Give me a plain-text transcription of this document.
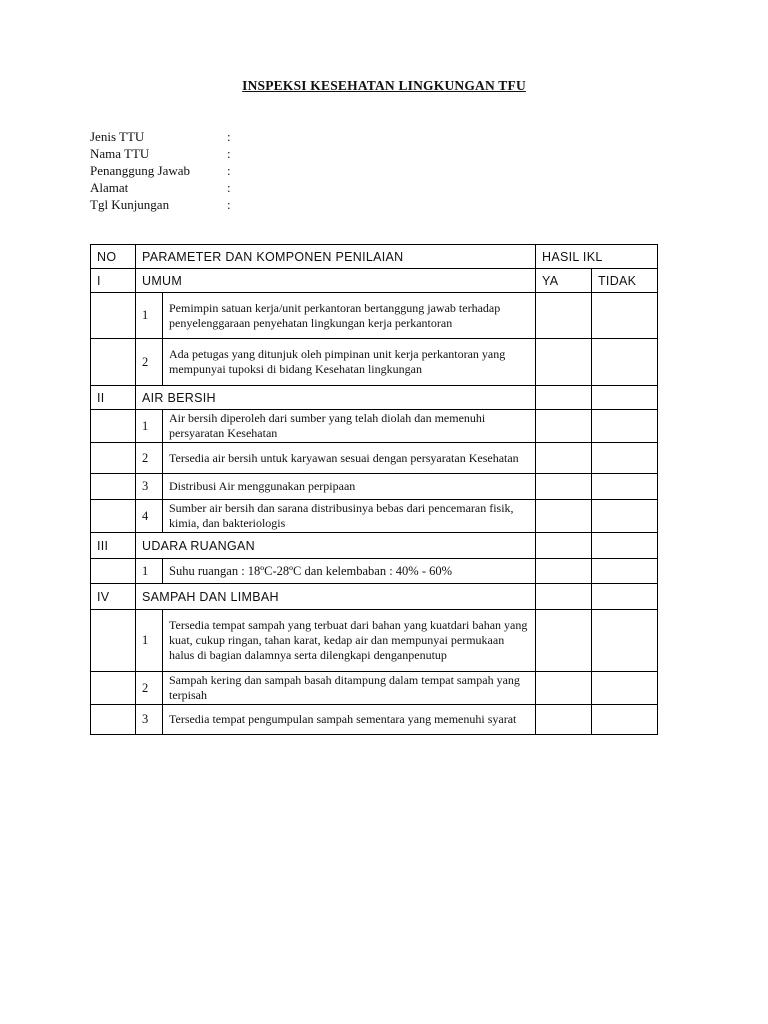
INSPEKSI KESEHATAN LINGKUNGAN TFU
Jenis TTU	:
Nama TTU	:
Penanggung Jawab	:
Alamat	:
Tgl Kunjungan	:
NO	PARAMETER DAN KOMPONEN PENILAIAN		HASIL IKL	
I	UMUM		YA	TIDAK
	1	Pemimpin satuan kerja/unit perkantoran bertanggung jawab terhadap penyelenggaraan penyehatan lingkungan kerja perkantoran		
	2	Ada petugas yang ditunjuk oleh pimpinan unit kerja perkantoran yang mempunyai tupoksi di bidang Kesehatan lingkungan		
II	AIR BERSIH			
	1	Air bersih diperoleh dari sumber yang telah diolah dan memenuhi persyaratan Kesehatan		
	2	Tersedia air bersih untuk karyawan sesuai dengan persyaratan Kesehatan		
	3	Distribusi Air menggunakan perpipaan		
	4	Sumber air bersih dan sarana distribusinya bebas dari pencemaran fisik, kimia, dan bakteriologis		
III	UDARA RUANGAN			
	1	Suhu ruangan : 18ºC-28ºC dan kelembaban : 40% - 60%		
IV	SAMPAH DAN LIMBAH			
	1	Tersedia tempat sampah yang terbuat dari bahan yang kuatdari bahan yang kuat, cukup ringan, tahan karat, kedap air dan mempunyai permukaan halus di bagian dalamnya serta dilengkapi denganpenutup		
	2	Sampah kering dan sampah basah ditampung dalam tempat sampah yang terpisah		
	3	Tersedia tempat pengumpulan sampah sementara yang memenuhi syarat		
